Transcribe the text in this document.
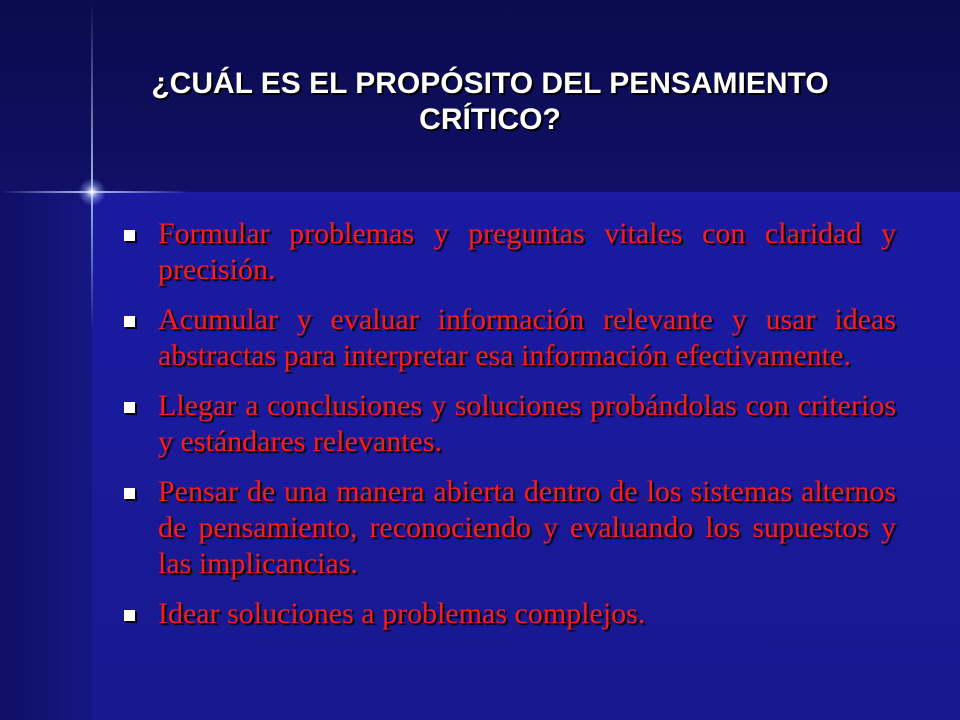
¿CUÁL ES EL PROPÓSITO DEL PENSAMIENTO CRÍTICO?
Formular problemas y preguntas vitales con claridad y precisión.
Acumular y evaluar información relevante y usar ideas abstractas para interpretar esa información efectivamente.
Llegar a conclusiones y soluciones probándolas con criterios y estándares relevantes.
Pensar de una manera abierta dentro de los sistemas alternos de pensamiento, reconociendo y evaluando los supuestos y las implicancias.
Idear soluciones a problemas complejos.
